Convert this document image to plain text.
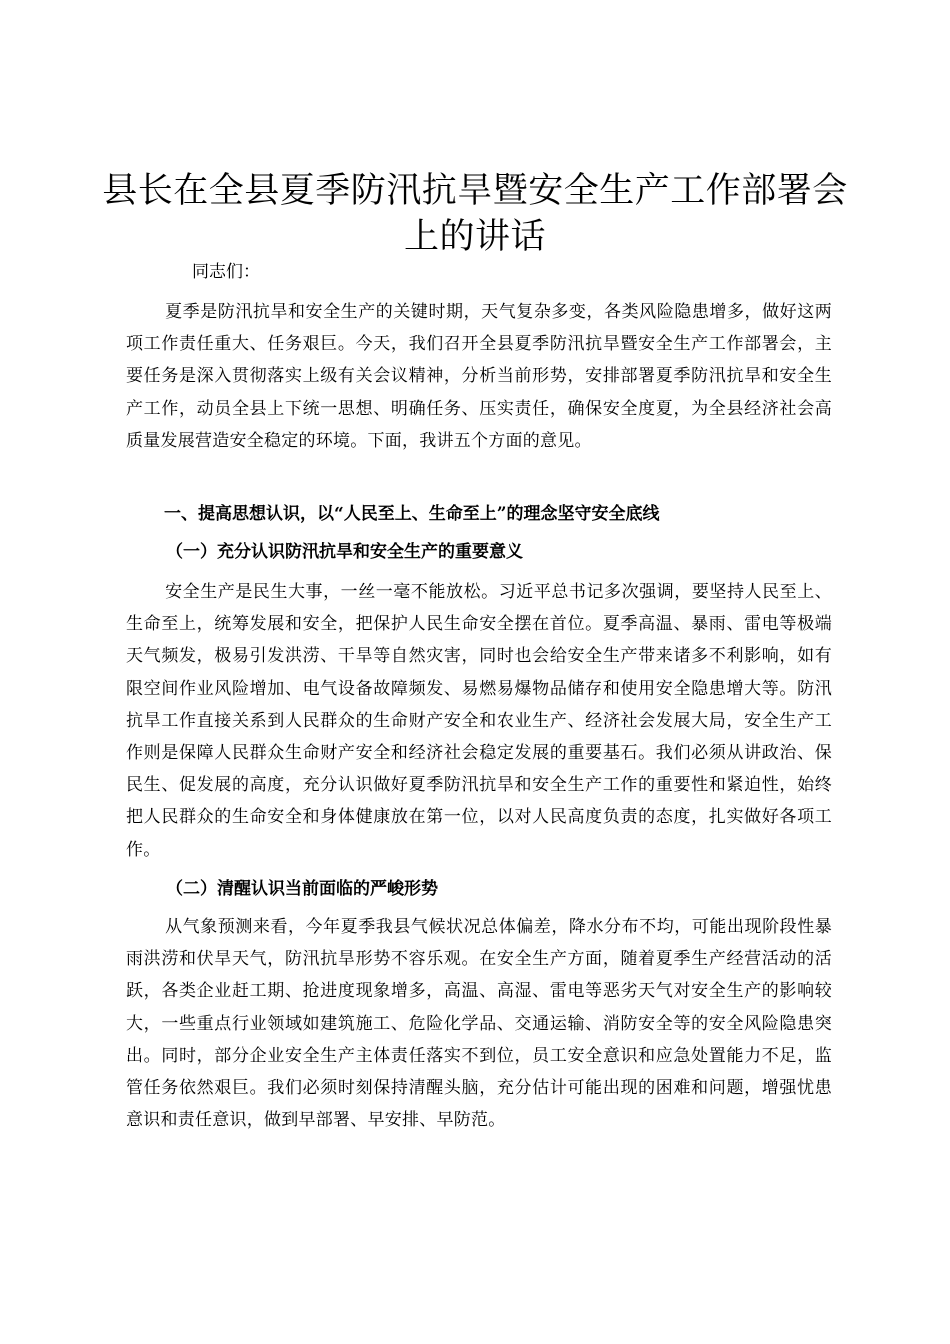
县长在全县夏季防汛抗旱暨安全生产工作部署会上的讲话

同志们：

夏季是防汛抗旱和安全生产的关键时期，天气复杂多变，各类风险隐患增多，做好这两项工作责任重大、任务艰巨。今天，我们召开全县夏季防汛抗旱暨安全生产工作部署会，主要任务是深入贯彻落实上级有关会议精神，分析当前形势，安排部署夏季防汛抗旱和安全生产工作，动员全县上下统一思想、明确任务、压实责任，确保安全度夏，为全县经济社会高质量发展营造安全稳定的环境。下面，我讲五个方面的意见。

一、提高思想认识，以“人民至上、生命至上”的理念坚守安全底线

（一）充分认识防汛抗旱和安全生产的重要意义

安全生产是民生大事，一丝一毫不能放松。习近平总书记多次强调，要坚持人民至上、生命至上，统筹发展和安全，把保护人民生命安全摆在首位。夏季高温、暴雨、雷电等极端天气频发，极易引发洪涝、干旱等自然灾害，同时也会给安全生产带来诸多不利影响，如有限空间作业风险增加、电气设备故障频发、易燃易爆物品储存和使用安全隐患增大等。防汛抗旱工作直接关系到人民群众的生命财产安全和农业生产、经济社会发展大局，安全生产工作则是保障人民群众生命财产安全和经济社会稳定发展的重要基石。我们必须从讲政治、保民生、促发展的高度，充分认识做好夏季防汛抗旱和安全生产工作的重要性和紧迫性，始终把人民群众的生命安全和身体健康放在第一位，以对人民高度负责的态度，扎实做好各项工作。

（二）清醒认识当前面临的严峻形势

从气象预测来看，今年夏季我县气候状况总体偏差，降水分布不均，可能出现阶段性暴雨洪涝和伏旱天气，防汛抗旱形势不容乐观。在安全生产方面，随着夏季生产经营活动的活跃，各类企业赶工期、抢进度现象增多，高温、高湿、雷电等恶劣天气对安全生产的影响较大，一些重点行业领域如建筑施工、危险化学品、交通运输、消防安全等的安全风险隐患突出。同时，部分企业安全生产主体责任落实不到位，员工安全意识和应急处置能力不足，监管任务依然艰巨。我们必须时刻保持清醒头脑，充分估计可能出现的困难和问题，增强忧患意识和责任意识，做到早部署、早安排、早防范。
